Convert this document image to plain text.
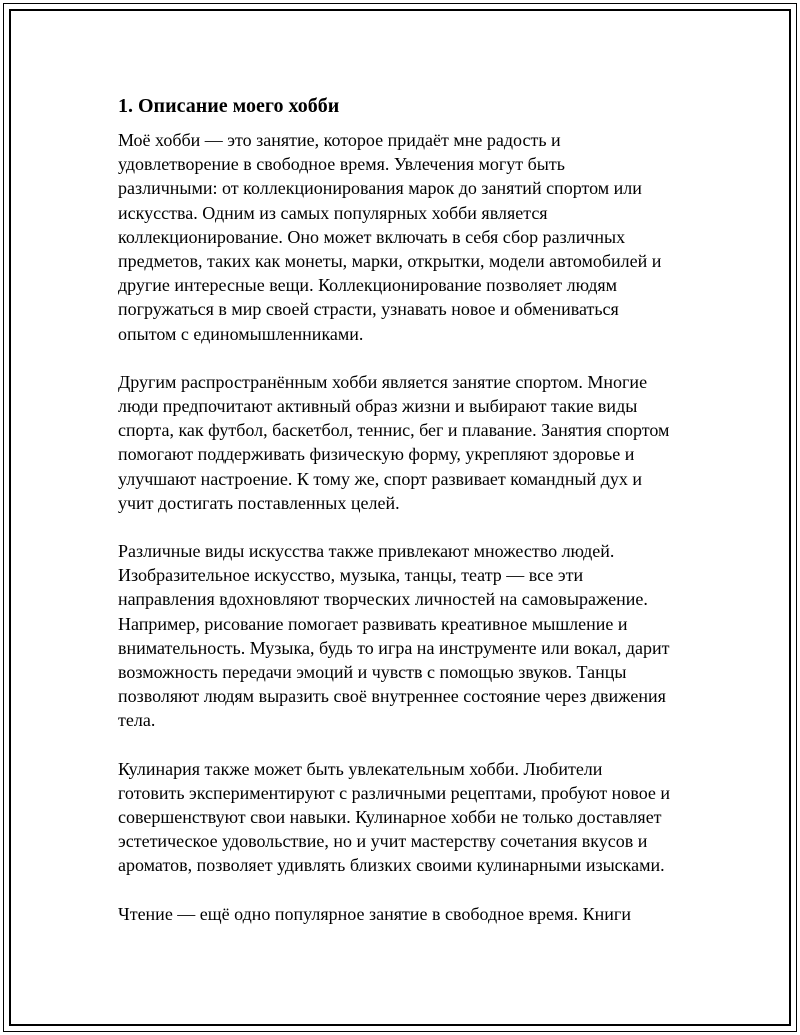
1. Описание моего хобби

Моё хобби — это занятие, которое придаёт мне радость и
удовлетворение в свободное время. Увлечения могут быть
различными: от коллекционирования марок до занятий спортом или
искусства. Одним из самых популярных хобби является
коллекционирование. Оно может включать в себя сбор различных
предметов, таких как монеты, марки, открытки, модели автомобилей и
другие интересные вещи. Коллекционирование позволяет людям
погружаться в мир своей страсти, узнавать новое и обмениваться
опытом с единомышленниками.

Другим распространённым хобби является занятие спортом. Многие
люди предпочитают активный образ жизни и выбирают такие виды
спорта, как футбол, баскетбол, теннис, бег и плавание. Занятия спортом
помогают поддерживать физическую форму, укрепляют здоровье и
улучшают настроение. К тому же, спорт развивает командный дух и
учит достигать поставленных целей.

Различные виды искусства также привлекают множество людей.
Изобразительное искусство, музыка, танцы, театр — все эти
направления вдохновляют творческих личностей на самовыражение.
Например, рисование помогает развивать креативное мышление и
внимательность. Музыка, будь то игра на инструменте или вокал, дарит
возможность передачи эмоций и чувств с помощью звуков. Танцы
позволяют людям выразить своё внутреннее состояние через движения
тела.

Кулинария также может быть увлекательным хобби. Любители
готовить экспериментируют с различными рецептами, пробуют новое и
совершенствуют свои навыки. Кулинарное хобби не только доставляет
эстетическое удовольствие, но и учит мастерству сочетания вкусов и
ароматов, позволяет удивлять близких своими кулинарными изысками.

Чтение — ещё одно популярное занятие в свободное время. Книги
